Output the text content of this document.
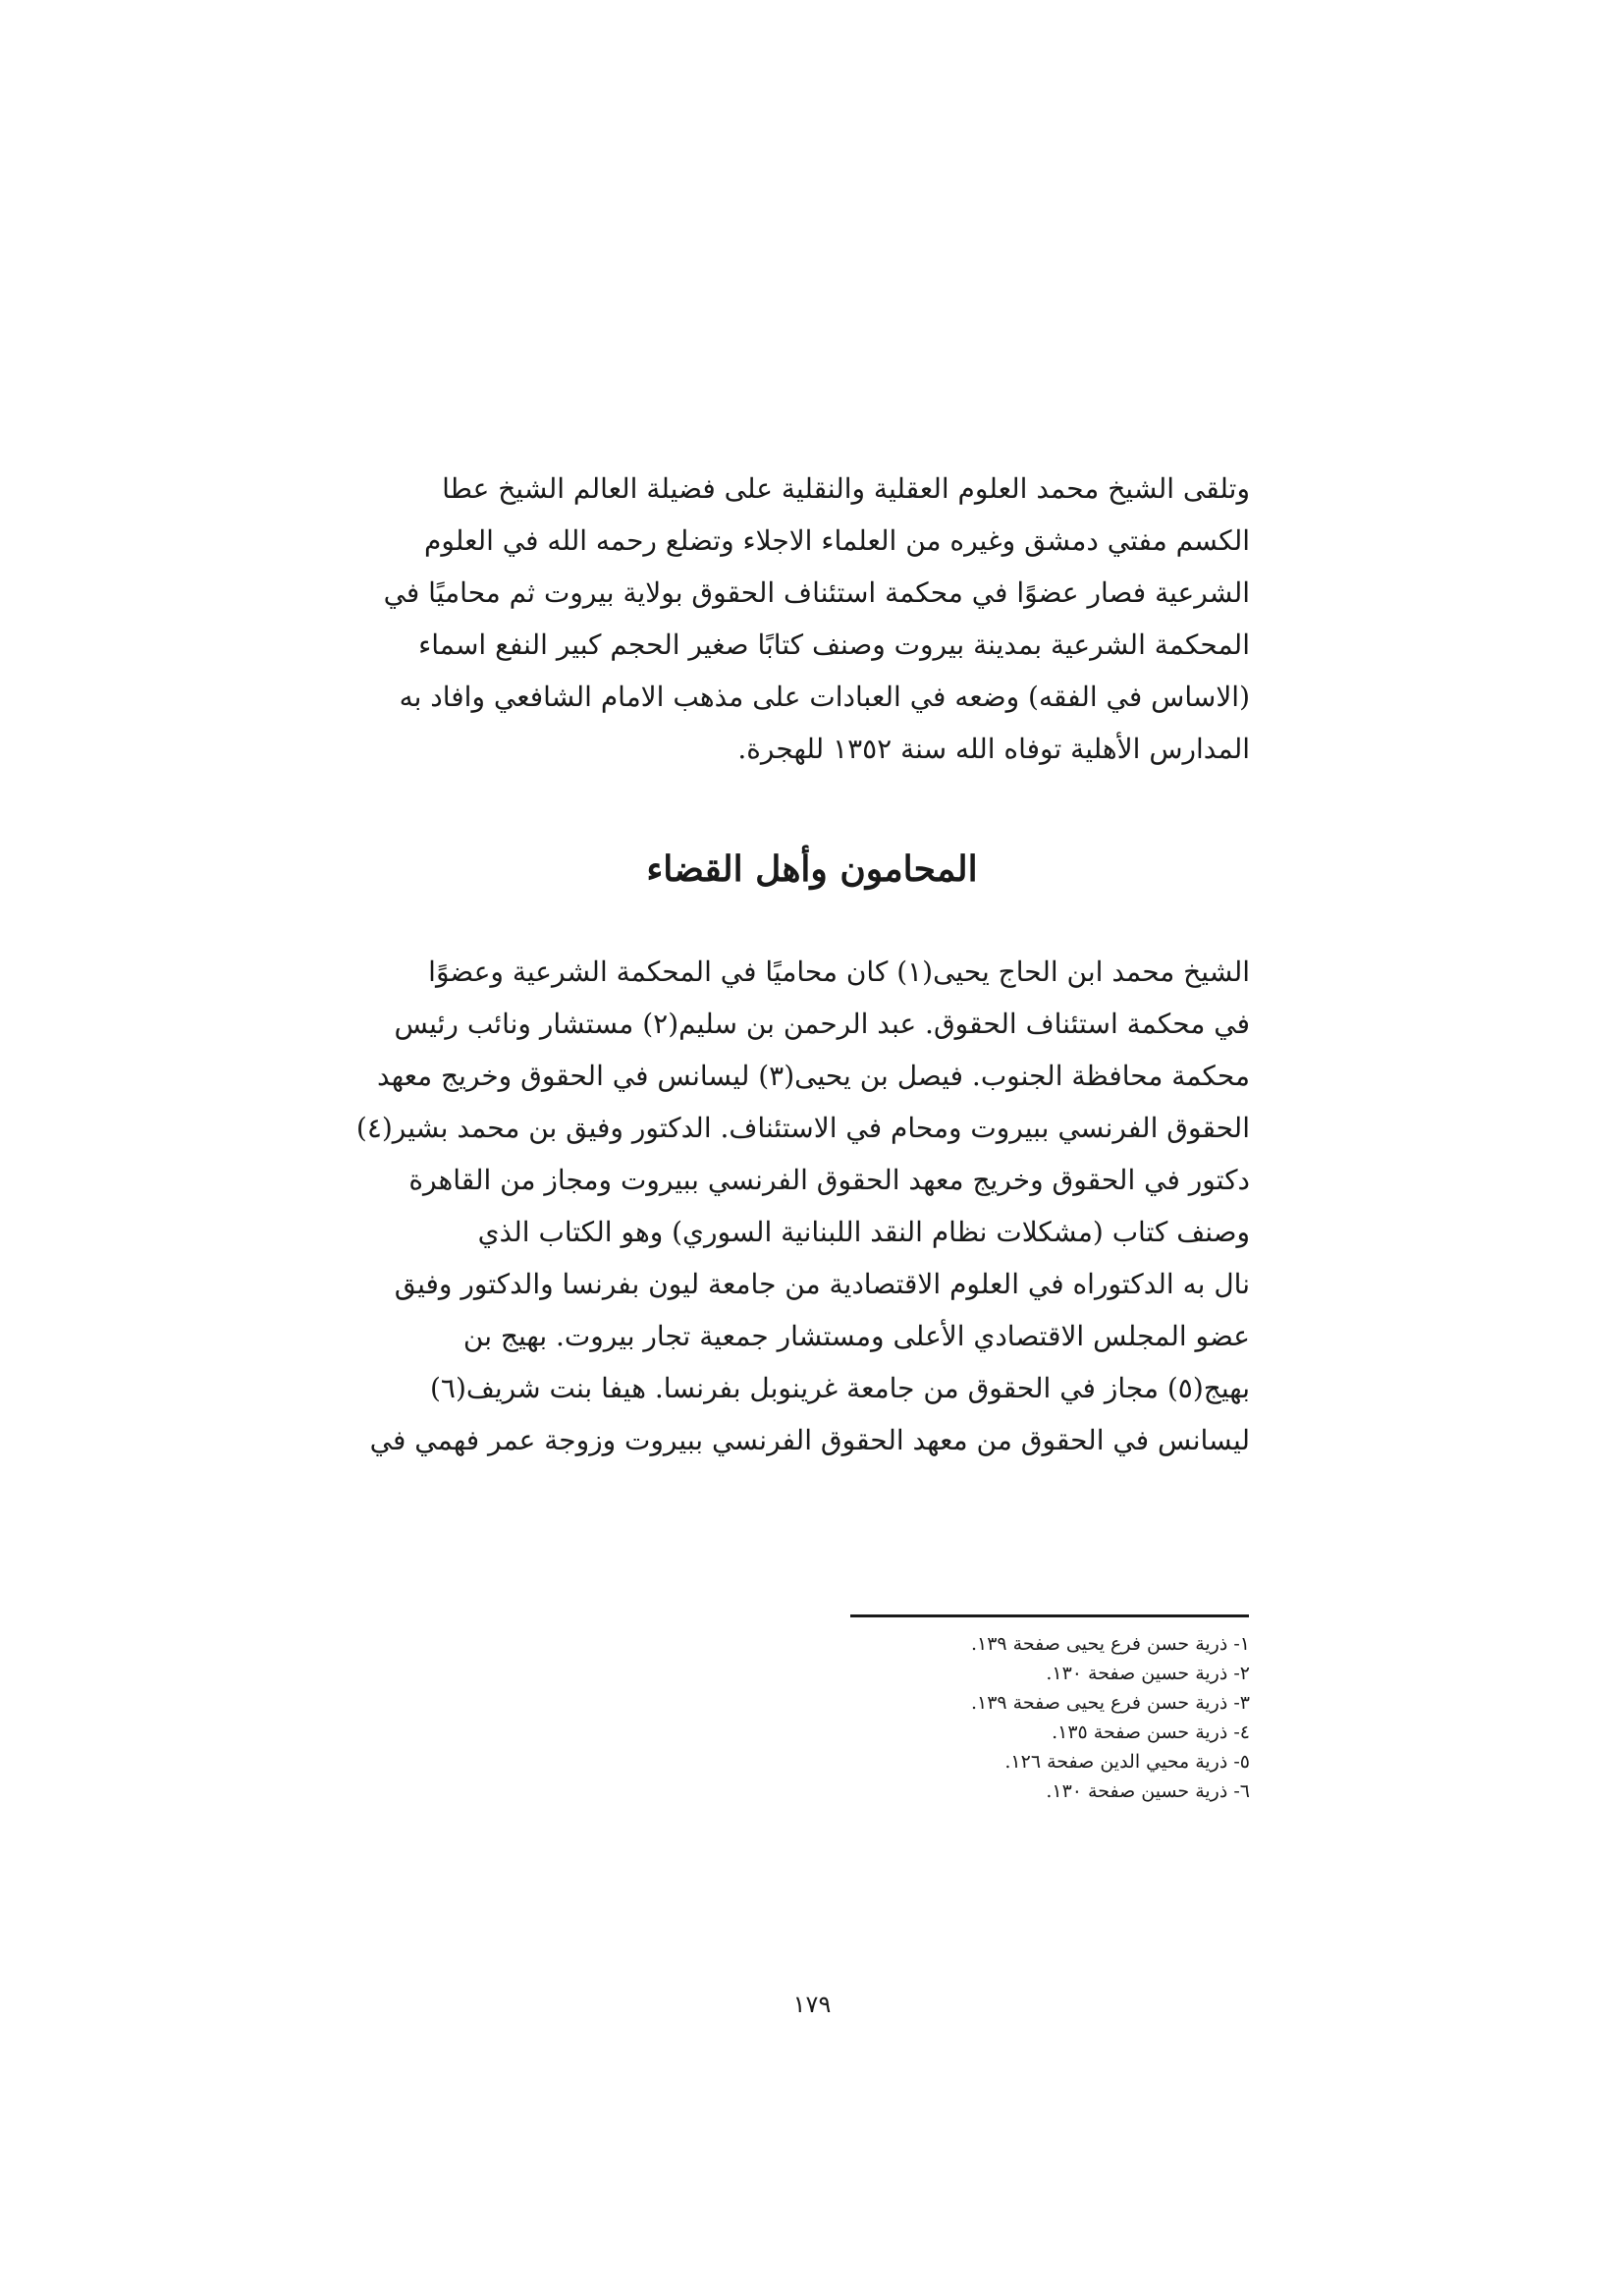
وتلقى الشيخ محمد العلوم العقلية والنقلية على فضيلة العالم الشيخ عطا
الكسم مفتي دمشق وغيره من العلماء الاجلاء وتضلع رحمه الله في العلوم
الشرعية فصار عضوًا في محكمة استئناف الحقوق بولاية بيروت ثم محاميًا في
المحكمة الشرعية بمدينة بيروت وصنف كتابًا صغير الحجم كبير النفع اسماء
(الاساس في الفقه) وضعه في العبادات على مذهب الامام الشافعي وافاد به
المدارس الأهلية توفاه الله سنة ١٣٥٢ للهجرة.
المحامون وأهل القضاء
الشيخ محمد ابن الحاج يحيى(١) كان محاميًا في المحكمة الشرعية وعضوًا
في محكمة استئناف الحقوق. عبد الرحمن بن سليم(٢) مستشار ونائب رئيس
محكمة محافظة الجنوب. فيصل بن يحيى(٣) ليسانس في الحقوق وخريج معهد
الحقوق الفرنسي ببيروت ومحام في الاستئناف. الدكتور وفيق بن محمد بشير(٤)
دكتور في الحقوق وخريج معهد الحقوق الفرنسي ببيروت ومجاز من القاهرة
وصنف كتاب (مشكلات نظام النقد اللبنانية السوري) وهو الكتاب الذي
نال به الدكتوراه في العلوم الاقتصادية من جامعة ليون بفرنسا والدكتور وفيق
عضو المجلس الاقتصادي الأعلى ومستشار جمعية تجار بيروت. بهيج بن
بهيج(٥) مجاز في الحقوق من جامعة غرينوبل بفرنسا. هيفا بنت شريف(٦)
ليسانس في الحقوق من معهد الحقوق الفرنسي ببيروت وزوجة عمر فهمي في
١- ذرية حسن فرع يحيى صفحة ١٣٩.
٢- ذرية حسين صفحة ١٣٠.
٣- ذرية حسن فرع يحيى صفحة ١٣٩.
٤- ذرية حسن صفحة ١٣٥.
٥- ذرية محيي الدين صفحة ١٢٦.
٦- ذرية حسين صفحة ١٣٠.
١٧٩
